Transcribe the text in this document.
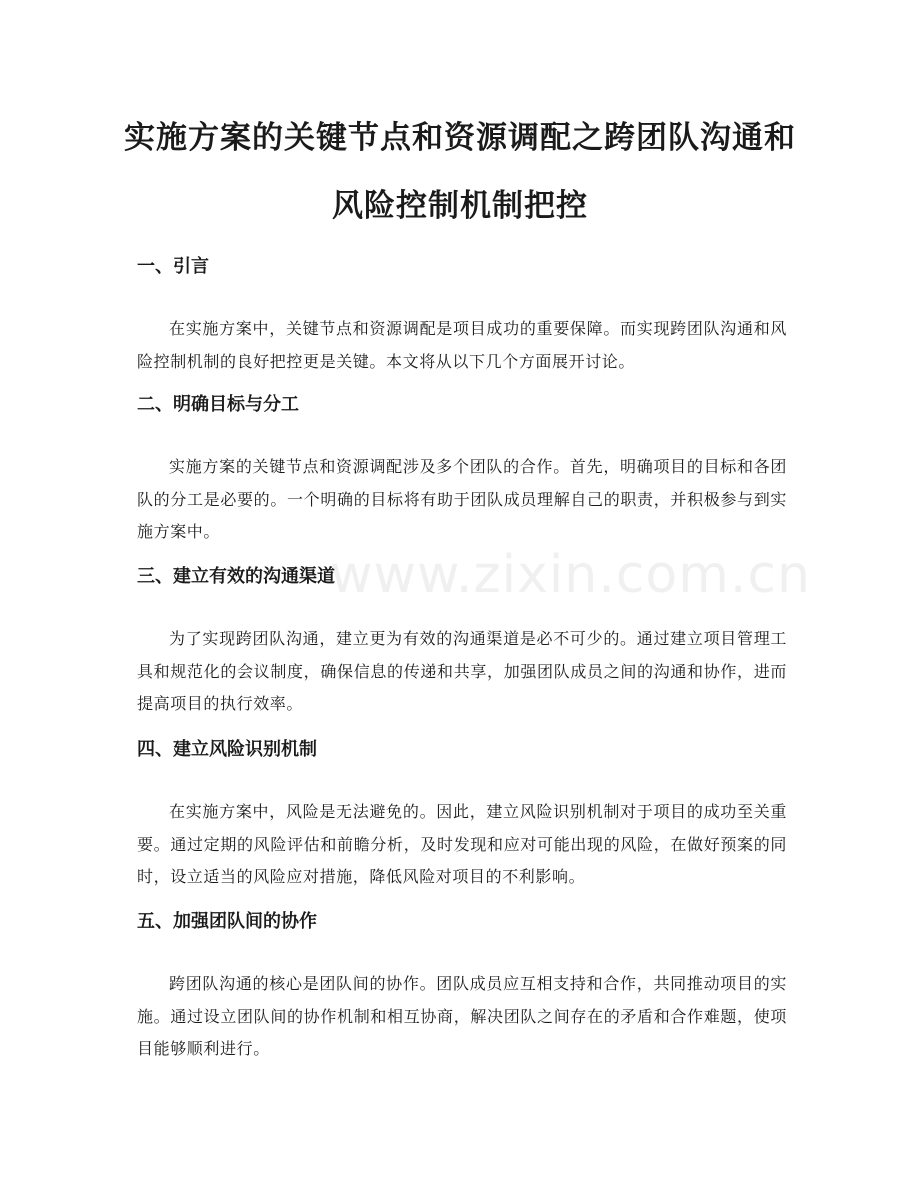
实施方案的关键节点和资源调配之跨团队沟通和风险控制机制把控
www.zixin.com.cn
一、引言

在实施方案中，关键节点和资源调配是项目成功的重要保障。而实现跨团队沟通和风险控制机制的良好把控更是关键。本文将从以下几个方面展开讨论。

二、明确目标与分工

实施方案的关键节点和资源调配涉及多个团队的合作。首先，明确项目的目标和各团队的分工是必要的。一个明确的目标将有助于团队成员理解自己的职责，并积极参与到实施方案中。

三、建立有效的沟通渠道

为了实现跨团队沟通，建立更为有效的沟通渠道是必不可少的。通过建立项目管理工具和规范化的会议制度，确保信息的传递和共享，加强团队成员之间的沟通和协作，进而提高项目的执行效率。

四、建立风险识别机制

在实施方案中，风险是无法避免的。因此，建立风险识别机制对于项目的成功至关重要。通过定期的风险评估和前瞻分析，及时发现和应对可能出现的风险，在做好预案的同时，设立适当的风险应对措施，降低风险对项目的不利影响。

五、加强团队间的协作

跨团队沟通的核心是团队间的协作。团队成员应互相支持和合作，共同推动项目的实施。通过设立团队间的协作机制和相互协商，解决团队之间存在的矛盾和合作难题，使项目能够顺利进行。
